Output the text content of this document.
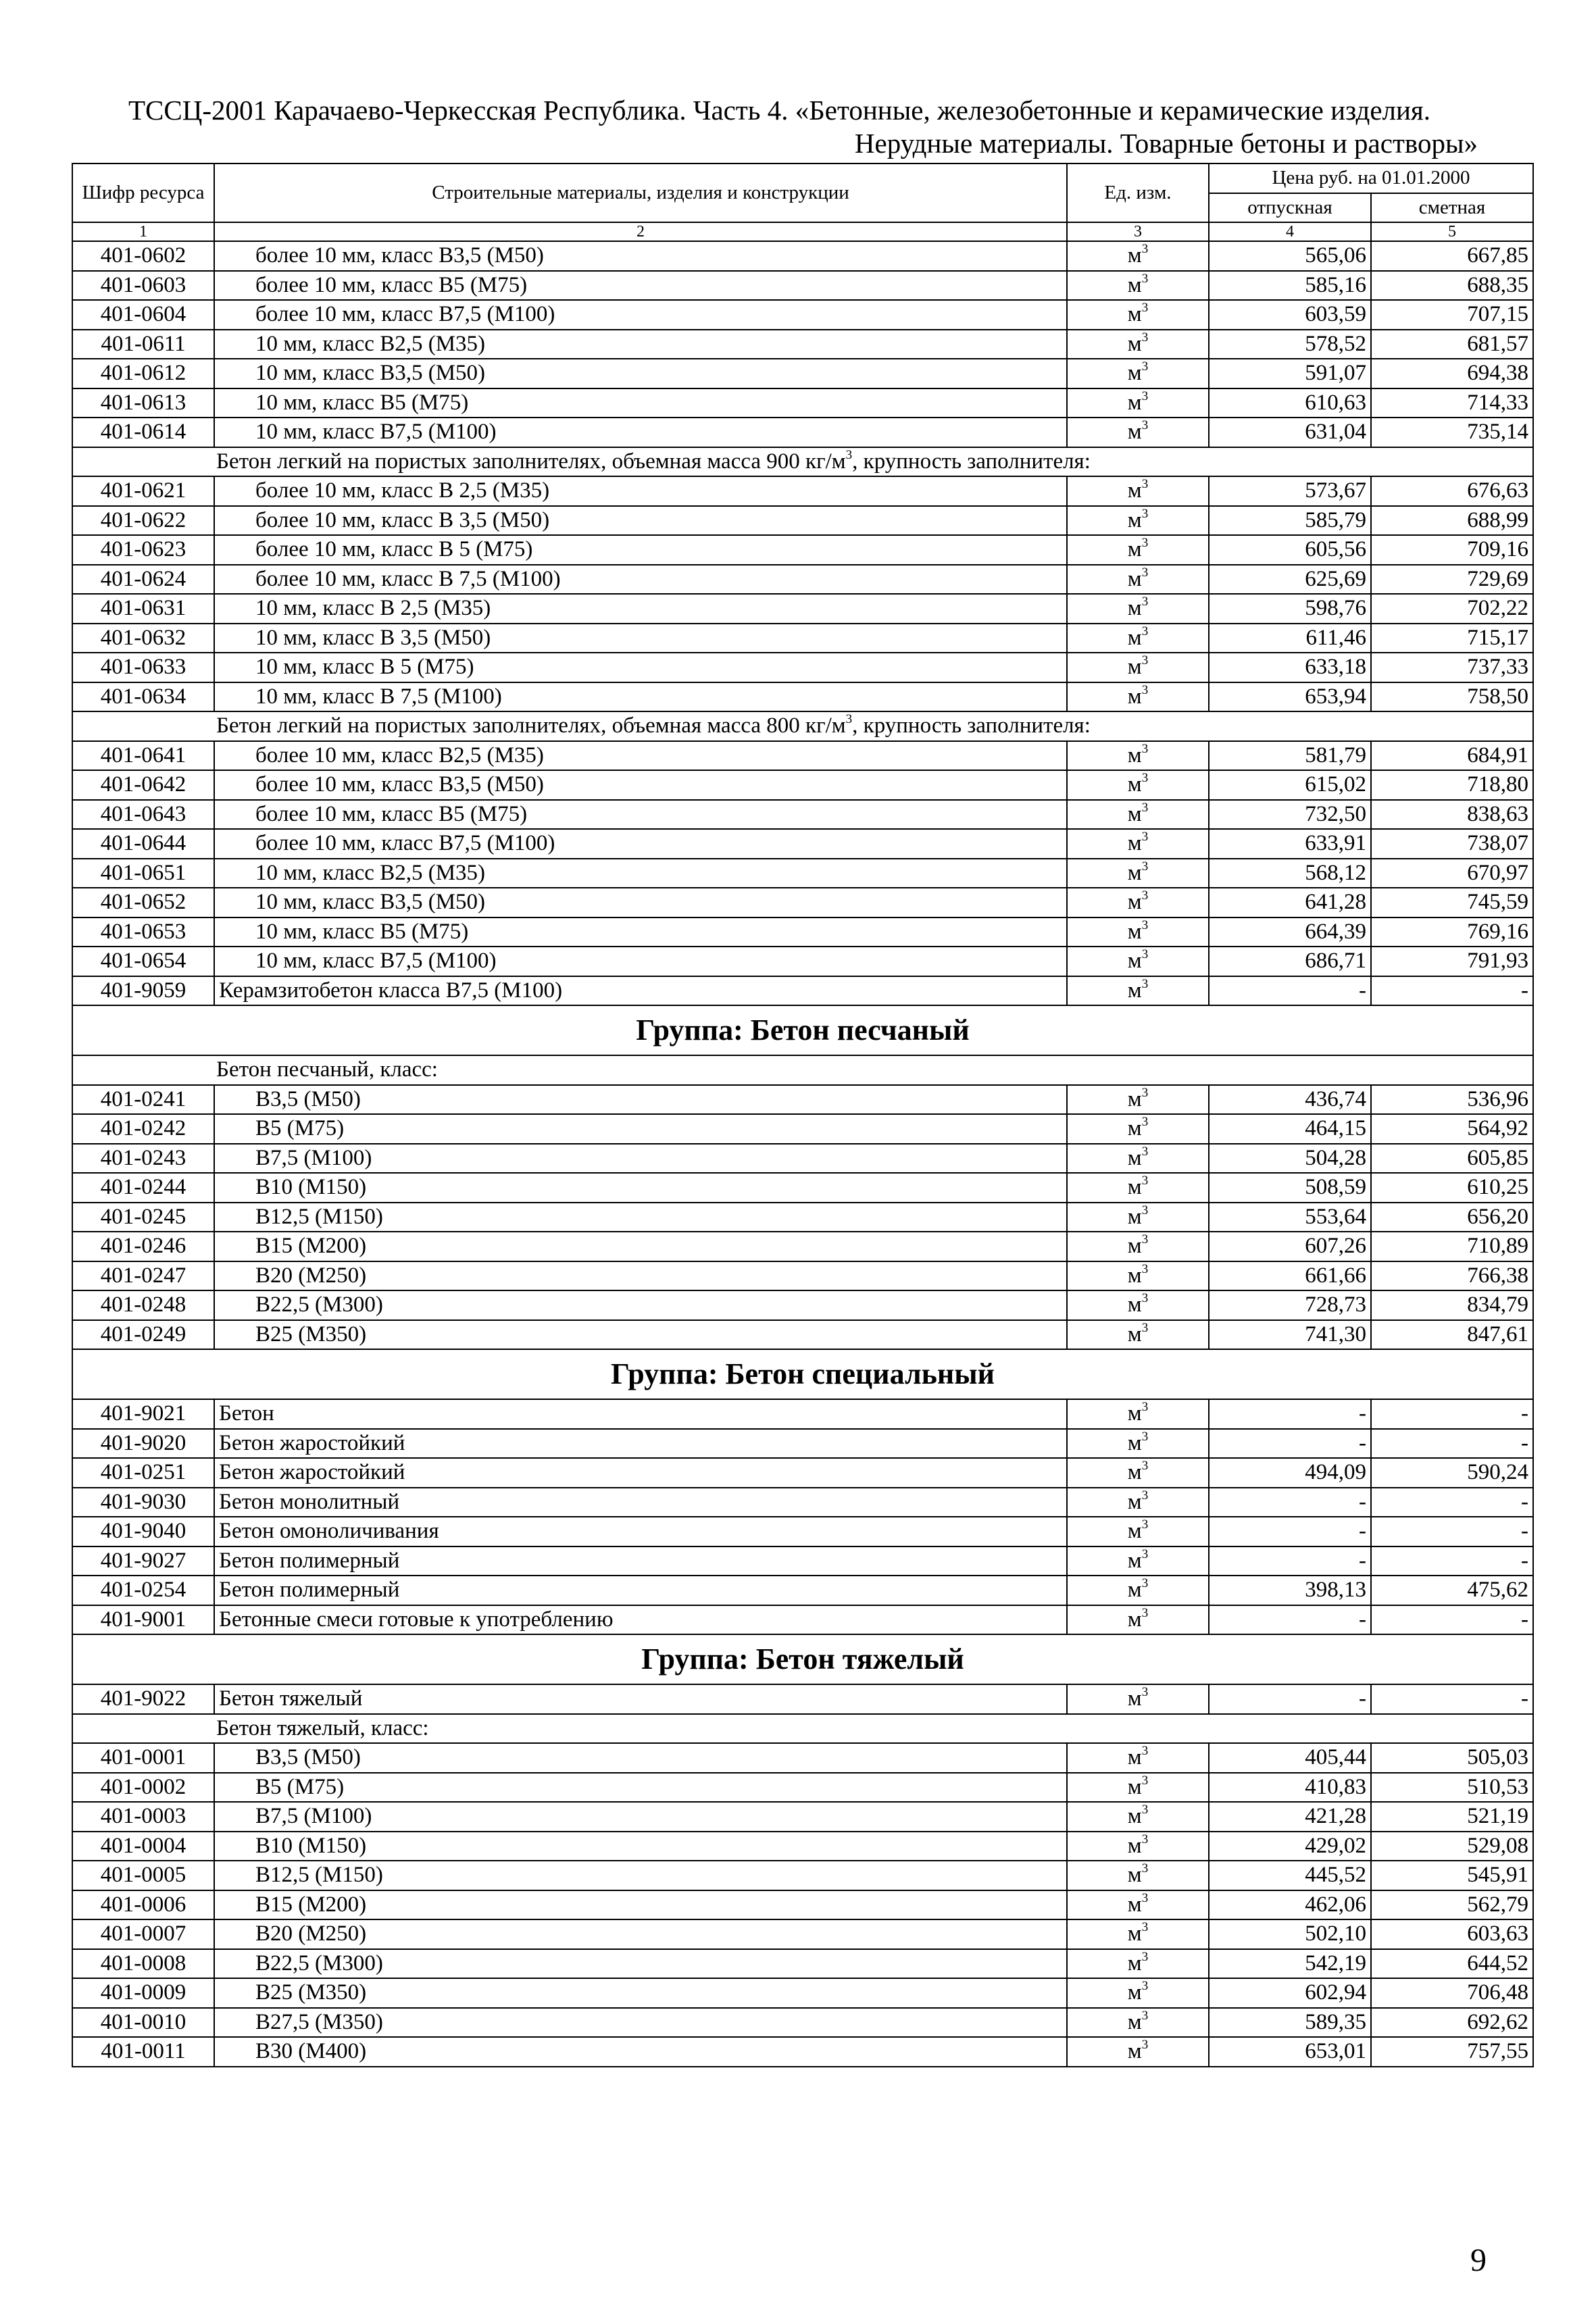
ТССЦ-2001 Карачаево-Черкесская Республика. Часть 4. «Бетонные, железобетонные и керамические изделия.
Нерудные материалы. Товарные бетоны и растворы»
Шифр ресурса	Строительные материалы, изделия и конструкции	Ед. изм.	Цена руб. на 01.01.2000	
			отпускная	сметная
1	2	3	4	5
401-0602	более 10 мм, класс В3,5 (М50)	$м^3$	565,06	667,85
401-0603	более 10 мм, класс В5 (М75)	$м^3$	585,16	688,35
401-0604	более 10 мм, класс В7,5 (М100)	$м^3$	603,59	707,15
401-0611	10 мм, класс В2,5 (М35)	$м^3$	578,52	681,57
401-0612	10 мм, класс В3,5 (М50)	$м^3$	591,07	694,38
401-0613	10 мм, класс В5 (М75)	$м^3$	610,63	714,33
401-0614	10 мм, класс В7,5 (М100)	$м^3$	631,04	735,14
Бетон легкий на пористых заполнителях, объемная масса 900 $кг/м^3$, крупность заполнителя:				
401-0621	более 10 мм, класс В 2,5 (М35)	$м^3$	573,67	676,63
401-0622	более 10 мм, класс В 3,5 (М50)	$м^3$	585,79	688,99
401-0623	более 10 мм, класс В 5 (М75)	$м^3$	605,56	709,16
401-0624	более 10 мм, класс В 7,5 (М100)	$м^3$	625,69	729,69
401-0631	10 мм, класс В 2,5 (М35)	$м^3$	598,76	702,22
401-0632	10 мм, класс В 3,5 (М50)	$м^3$	611,46	715,17
401-0633	10 мм, класс В 5 (М75)	$м^3$	633,18	737,33
401-0634	10 мм, класс В 7,5 (М100)	$м^3$	653,94	758,50
Бетон легкий на пористых заполнителях, объемная масса 800 $кг/м^3$, крупность заполнителя:				
401-0641	более 10 мм, класс В2,5 (М35)	$м^3$	581,79	684,91
401-0642	более 10 мм, класс В3,5 (М50)	$м^3$	615,02	718,80
401-0643	более 10 мм, класс В5 (М75)	$м^3$	732,50	838,63
401-0644	более 10 мм, класс В7,5 (М100)	$м^3$	633,91	738,07
401-0651	10 мм, класс В2,5 (М35)	$м^3$	568,12	670,97
401-0652	10 мм, класс В3,5 (М50)	$м^3$	641,28	745,59
401-0653	10 мм, класс В5 (М75)	$м^3$	664,39	769,16
401-0654	10 мм, класс В7,5 (М100)	$м^3$	686,71	791,93
401-9059	Керамзитобетон класса В7,5 (М100)	$м^3$	-	-
Группа: Бетон песчаный				
Бетон песчаный, класс:				
401-0241	В3,5 (М50)	$м^3$	436,74	536,96
401-0242	В5 (М75)	$м^3$	464,15	564,92
401-0243	В7,5 (М100)	$м^3$	504,28	605,85
401-0244	В10 (М150)	$м^3$	508,59	610,25
401-0245	В12,5 (М150)	$м^3$	553,64	656,20
401-0246	В15 (М200)	$м^3$	607,26	710,89
401-0247	В20 (М250)	$м^3$	661,66	766,38
401-0248	В22,5 (М300)	$м^3$	728,73	834,79
401-0249	В25 (М350)	$м^3$	741,30	847,61
Группа: Бетон специальный				
401-9021	Бетон	$м^3$	-	-
401-9020	Бетон жаростойкий	$м^3$	-	-
401-0251	Бетон жаростойкий	$м^3$	494,09	590,24
401-9030	Бетон монолитный	$м^3$	-	-
401-9040	Бетон омоноличивания	$м^3$	-	-
401-9027	Бетон полимерный	$м^3$	-	-
401-0254	Бетон полимерный	$м^3$	398,13	475,62
401-9001	Бетонные смеси готовые к употреблению	$м^3$	-	-
Группа: Бетон тяжелый				
401-9022	Бетон тяжелый	$м^3$	-	-
Бетон тяжелый, класс:				
401-0001	В3,5 (М50)	$м^3$	405,44	505,03
401-0002	В5 (М75)	$м^3$	410,83	510,53
401-0003	В7,5 (М100)	$м^3$	421,28	521,19
401-0004	В10 (М150)	$м^3$	429,02	529,08
401-0005	В12,5 (М150)	$м^3$	445,52	545,91
401-0006	В15 (М200)	$м^3$	462,06	562,79
401-0007	В20 (М250)	$м^3$	502,10	603,63
401-0008	В22,5 (М300)	$м^3$	542,19	644,52
401-0009	В25 (М350)	$м^3$	602,94	706,48
401-0010	В27,5 (М350)	$м^3$	589,35	692,62
401-0011	В30 (М400)	$м^3$	653,01	757,55
9
